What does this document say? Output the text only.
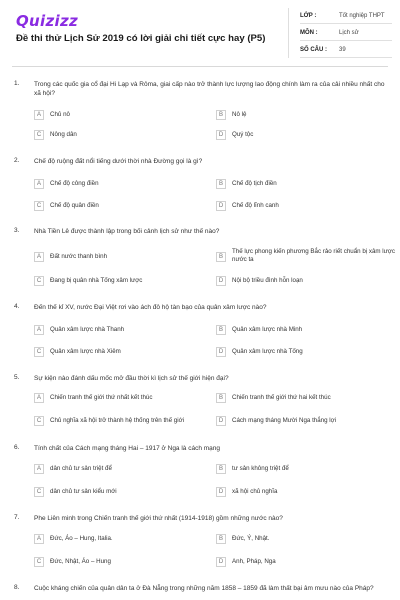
Quizizz
Đề thi thử Lịch Sử 2019 có lời giải chi tiết cực hay (P5)
LỚP :	Tốt nghiệp THPT
MÔN :	Lịch sử
SỐ CÂU : 39
1. Trong các quốc gia cổ đại Hi Lạp và Rôma, giai cấp nào trở thành lực lượng lao động chính làm ra của cải nhiều nhất cho xã hội?
A	Chủ nô	B	Nô lệ
C	Nông dân	D	Quý tộc
2. Chế độ ruộng đất nổi tiếng dưới thời nhà Đường gọi là gì?
A	Chế độ công điền	B	Chế độ tịch điền
C	Chế độ quân điền	D	Chế độ lĩnh canh
3. Nhà Tiền Lê được thành lập trong bối cảnh lịch sử như thế nào?
A	Đất nước thanh bình	B
Thế lực phong kiến phương Bắc rảo riết chuẩn bị xâm lược nước ta
C	Đang bị quân nhà Tống xâm lược	D	Nội bộ triều đình hỗn loạn
4. Đến thế kỉ XV, nước Đại Việt rơi vào ách đô hộ tàn bạo của quân xâm lược nào?
A	Quân xâm lược nhà Thanh	B	Quân xâm lược nhà Minh
C	Quân xâm lược nhà Xiêm	D	Quân xâm lược nhà Tống
5. Sự kiện nào đánh dấu mốc mở đầu thời kì lịch sử thế giới hiện đại?
A	Chiến tranh thế giới thứ nhất kết thúc	B	Chiến tranh thế giới thứ hai kết thúc
C	Chủ nghĩa xã hội trở thành hệ thống trên thế giới	D	Cách mạng tháng Mười Nga thắng lợi
6. Tính chất của Cách mạng tháng Hai – 1917 ở Nga là cách mạng
A	dân chủ tư sản triệt để	B	tư sản không triệt để
C	dân chủ tư sản kiểu mới	D	xã hội chủ nghĩa
7. Phe Liên minh trong Chiến tranh thế giới thứ nhất (1914-1918) gồm những nước nào?
A	Đức, Áo – Hung, Italia.	B	Đức, Ý, Nhật.
C	Đức, Nhật, Áo – Hung	D	Anh, Pháp, Nga
8. Cuộc kháng chiến của quân dân ta ở Đà Nẵng trong những năm 1858 – 1859 đã làm thất bại âm mưu nào của Pháp?
